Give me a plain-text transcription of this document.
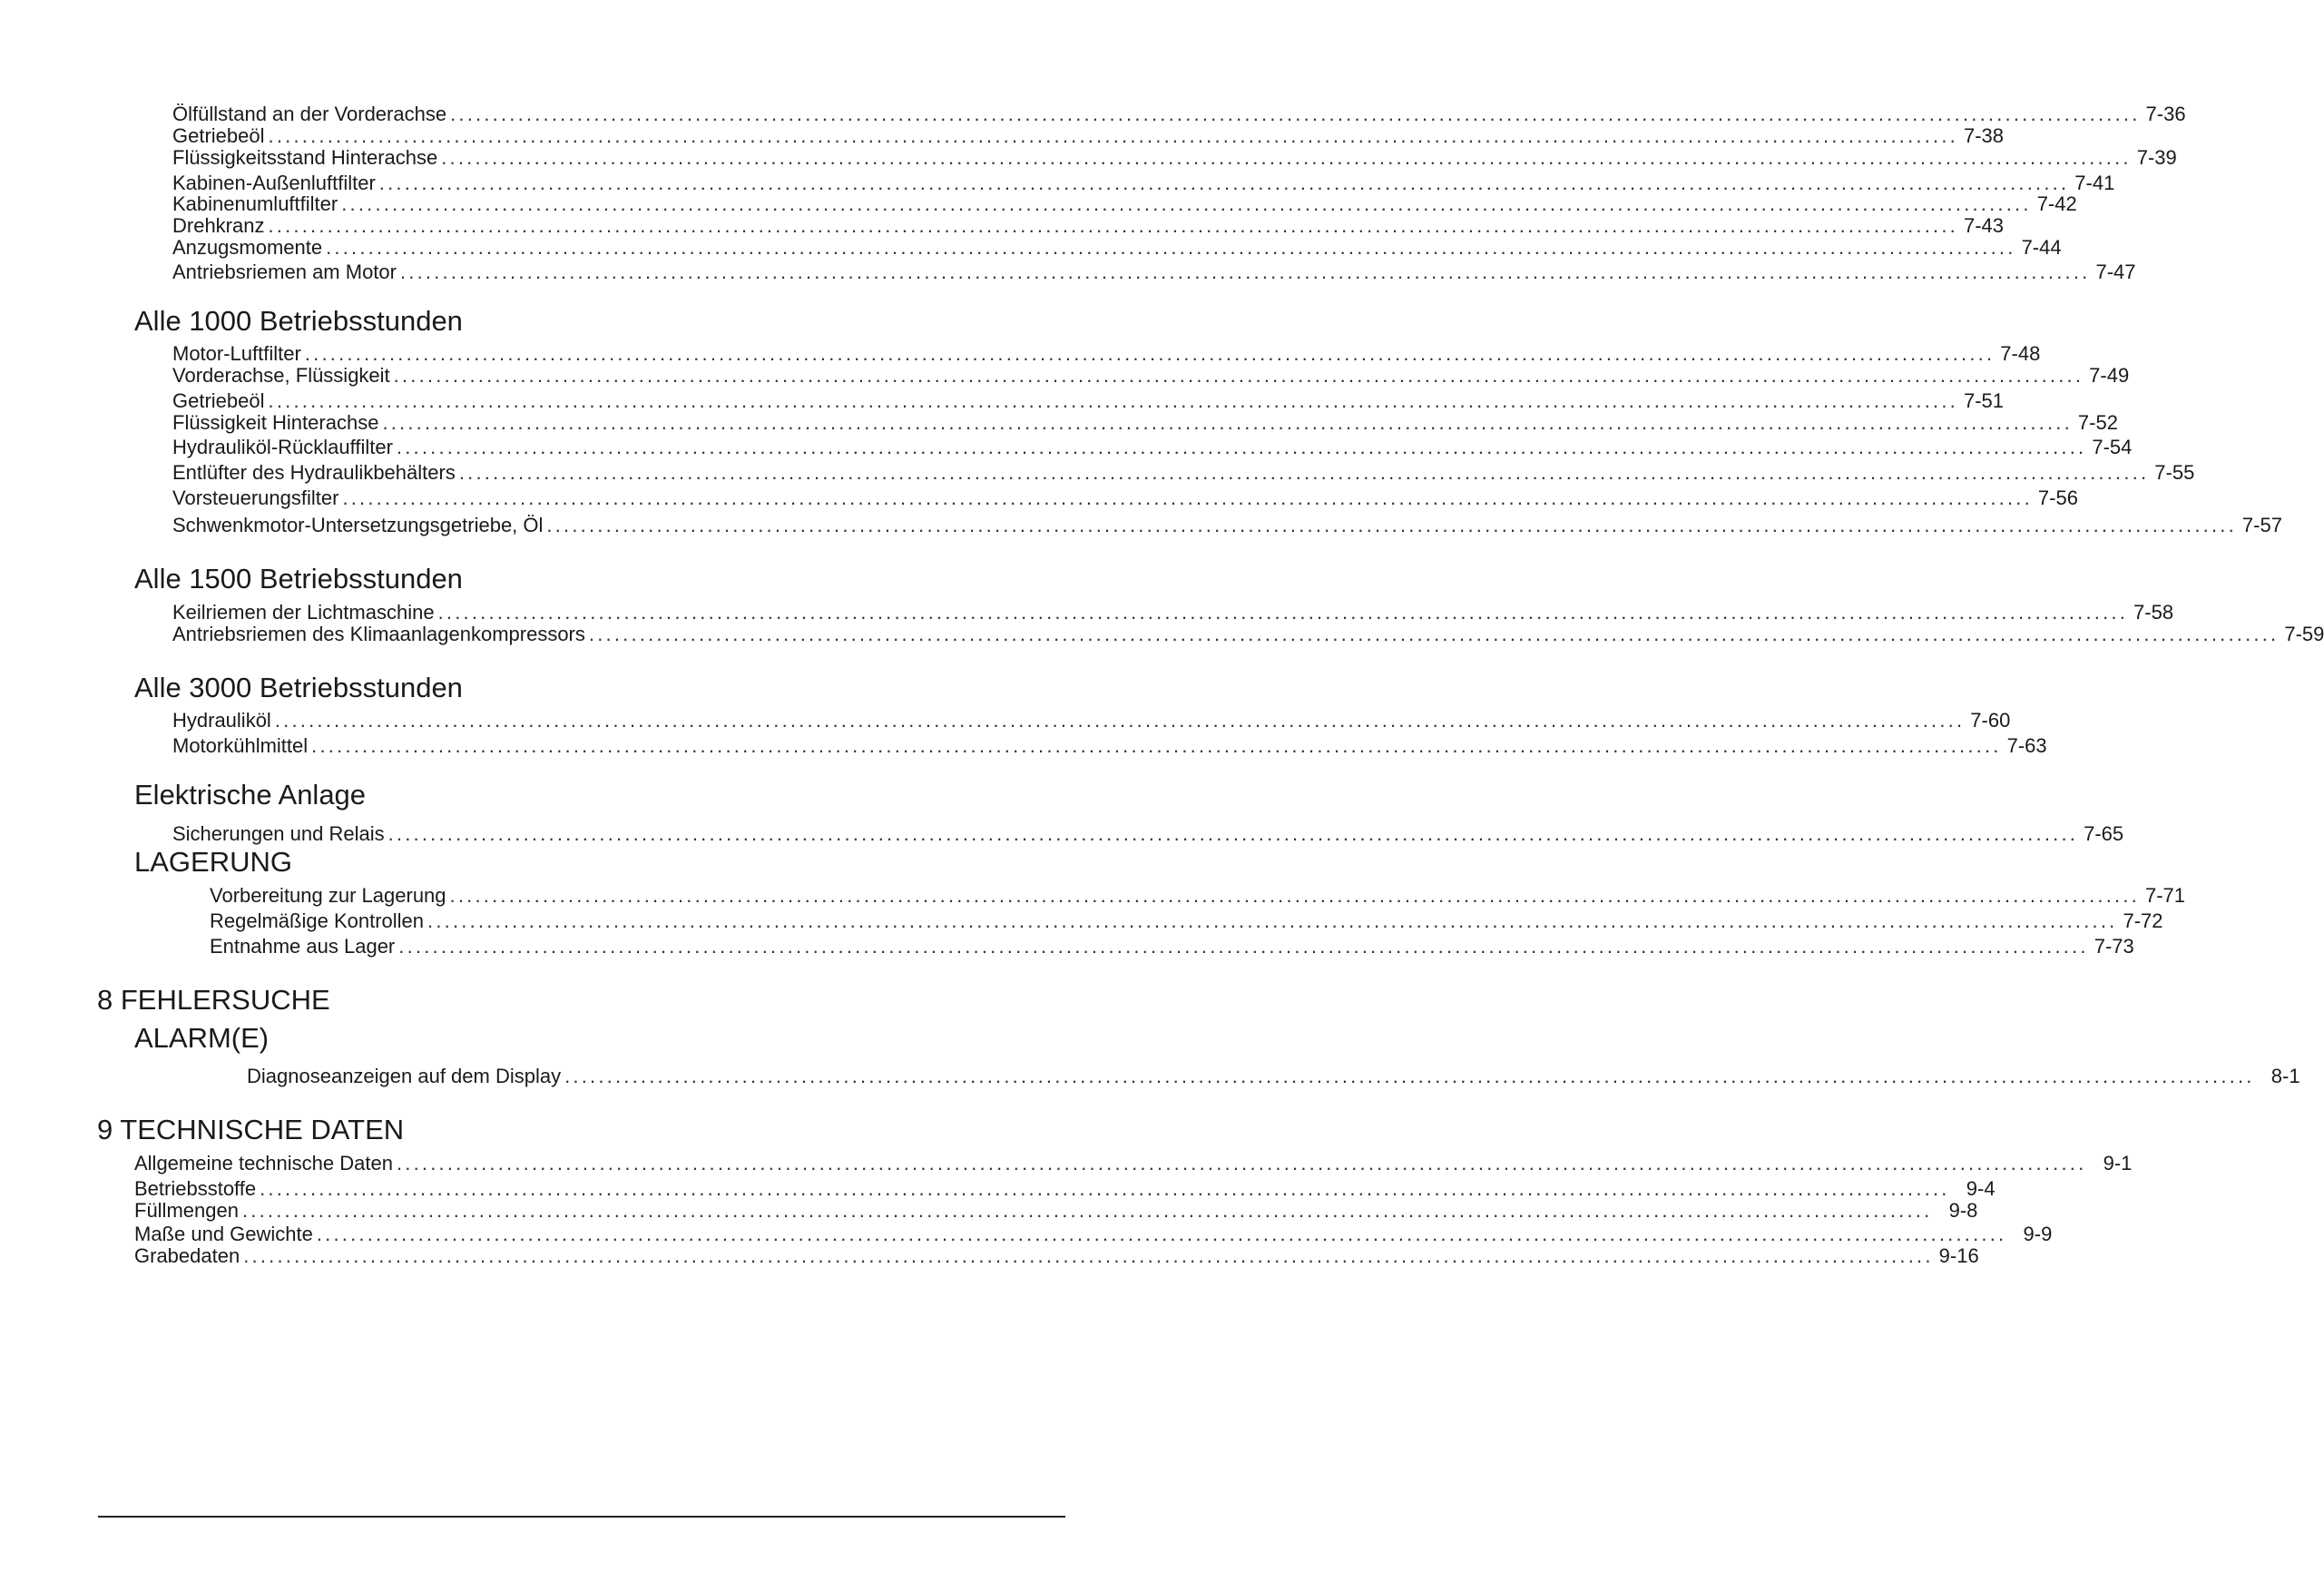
Ölfüllstand an der Vorderachse ........................................................................................................................................................................................................ 7-36
Getriebeöl ........................................................................................................................................................................................................ 7-38
Flüssigkeitsstand Hinterachse ........................................................................................................................................................................................................ 7-39
Kabinen-Außenluftfilter ........................................................................................................................................................................................................ 7-41
Kabinenumluftfilter ........................................................................................................................................................................................................ 7-42
Drehkranz ........................................................................................................................................................................................................ 7-43
Anzugsmomente ........................................................................................................................................................................................................ 7-44
Antriebsriemen am Motor ........................................................................................................................................................................................................ 7-47
Alle 1000 Betriebsstunden
Motor-Luftfilter ........................................................................................................................................................................................................ 7-48
Vorderachse, Flüssigkeit ........................................................................................................................................................................................................ 7-49
Getriebeöl ........................................................................................................................................................................................................ 7-51
Flüssigkeit Hinterachse ........................................................................................................................................................................................................ 7-52
Hydrauliköl-Rücklauffilter ........................................................................................................................................................................................................ 7-54
Entlüfter des Hydraulikbehälters ........................................................................................................................................................................................................ 7-55
Vorsteuerungsfilter ........................................................................................................................................................................................................ 7-56
Schwenkmotor-Untersetzungsgetriebe, Öl ........................................................................................................................................................................................................ 7-57
Alle 1500 Betriebsstunden
Keilriemen der Lichtmaschine ........................................................................................................................................................................................................ 7-58
Antriebsriemen des Klimaanlagenkompressors ........................................................................................................................................................................................................ 7-59
Alle 3000 Betriebsstunden
Hydrauliköl ........................................................................................................................................................................................................ 7-60
Motorkühlmittel ........................................................................................................................................................................................................ 7-63
Elektrische Anlage
Sicherungen und Relais ........................................................................................................................................................................................................ 7-65
LAGERUNG
Vorbereitung zur Lagerung ........................................................................................................................................................................................................ 7-71
Regelmäßige Kontrollen ........................................................................................................................................................................................................ 7-72
Entnahme aus Lager ........................................................................................................................................................................................................ 7-73
8 FEHLERSUCHE
ALARM(E)
Diagnoseanzeigen auf dem Display ........................................................................................................................................................................................................ 8-1
9 TECHNISCHE DATEN
Allgemeine technische Daten ........................................................................................................................................................................................................ 9-1
Betriebsstoffe ........................................................................................................................................................................................................ 9-4
Füllmengen ........................................................................................................................................................................................................ 9-8
Maße und Gewichte ........................................................................................................................................................................................................ 9-9
Grabedaten ........................................................................................................................................................................................................ 9-16
